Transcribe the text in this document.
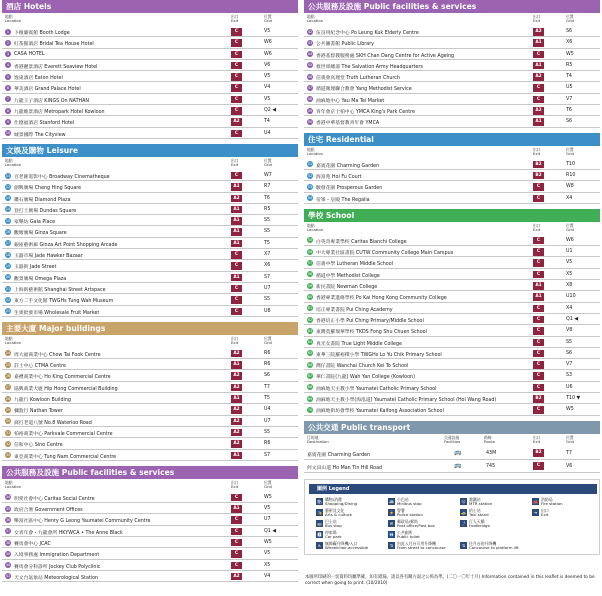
酒店 Hotels
地點
Location
出口
Exit
位置
Grid
1	卜維廉賓館 Booth Lodge	C	V5
2	紅茶館酒店 Bridal Tea House Hotel	C	W6
3	CASA HOTEL	C	W6
4	香港麗景酒店 Everett Seaview Hotel	C	V6
5	逸東酒店 Eaton Hotel	C	V5
6	華美酒店 Grand Palace Hotel	C	V4
7	九龍王子酒店 KINGS On NATHAN	C	V5
8	九龍維景酒店 Metropark Hotel Kowloon	C	Q2 ◀
9	仕德福酒店 Stanford Hotel	A2	T4
10 城景國際 The Cityview	C	U4
文娛及購物 Leisure
地點
Location
出口
Exit
位置
Grid
11 百老匯電影中心 Broadway Cinematheque	C	W7
12 創興廣場 Cheng Hing Square	A1	R7
13 鑽石廣場 Diamond Plaza	A2	T6
14 登打士廣場 Dundas Square	A1	R5
15 家樂坊 Gala Place	A1	S5
16 觀塘廣場 Ginza Square	A1	S5
17 銀座藝術廊 Ginza Art Point Shopping Arcade	A1	T5
18 玉器市場 Jade Hawker Bazaar	C	X7
19 玉器街 Jade Street	C	X6
20 觀景廣場 Omega Plaza	A1	S7
21 上海街藝術館 Shanghai Street Artspace	C	U7
22 東方二手文化館 TWGHs Tung Wah Museum	C	S5
23 生果批發市場 Wholesale Fruit Market	C	U8
主要大廈 Major buildings
地點
Location
出口
Exit
位置
Grid
24 周大福商業中心 Chow Tai Fook Centre	A2	R6
25 莊士中心 CTMA Centre	A1	R6
26 嘉禮商業中心 Ho King Commercial Centre	A2	S6
27 協興商業大廈 Hip Hong Commercial Building	A2	T7
28 九龍行 Kowloon Building	A1	T5
29 彌敦行 Nathan Tower	A2	U4
30 窩打老道八號 No.8 Waterloo Road	A2	U7
31 柏裕商業中心 Parkvale Commercial Centre	A2	S5
32 信和中心 Sino Centre	A2	R6
33 東亞商業中心 Tung Nam Commercial Centre	A1	S7
公共服務及設施 Public facilities & services
地點
Location
出口
Exit
位置
Grid
34 明愛社會中心 Caritas Social Centre	C	W5
35 政府合署 Government Offices	A1	V5
36 樂富社區中心 Henry G Leong Yaumatei Community Centre	C	U7
37 女青年會・九龍會所 HKYWCA • The Anne Black	C	Q1 ◀
38 賽馬會中心 JCAC	C	W5
39 入境事務處 Immigration Department	C	V5
40 賽馬會分科診所 Jockey Club Polyclinic	C	X5
41 天文台氣象站 Meteorological Station	A2	V4
公共服務及設施 Public facilities & services
地點
Location
出口
Exit
位置
Grid
42 伍良用紀念中心 Po Leung Kuk Elderly Centre	A2	S6
43 公共圖書館 Public Library	A1	X6
44 香港基督教服務處 SKH Chan Dang Centre for Active Ageing	C	W5
45 救世軍總部 The Salvation Army Headquarters	A1	R5
46 信義會真理堂 Truth Lutheran Church	A2	T4
47 循道衛理聯合教會 Yang Methodist Service	C	U5
48 油麻地中心 Yau Ma Tei Market	C	V7
49 青年會京士柏中心 YMCA King's Park Centre	A2	T6
50 香港中華基督教青年會 YMCA	A1	S6
住宅 Residential
地點
Location
出口
Exit
位置
Grid
51 嘉賓花園 Charming Garden	B2	T10
52 海富苑 Hoi Fu Court	B2	R10
53 駿發花園 Prosperous Garden	C	W8
54 帝峯・皇殿 The Regalia	C	X4
學校 School
地點
Location
出口
Exit
位置
Grid
55 白英奇專業學校 Caritas Bianchi College	C	W6
56 中大專業社區書院 CUTW Community College Main Campus	C	U1
57 信義中學 Lutheran Middle School	C	V5
58 循道中學 Methodist College	C	X5
59 新民書院 Newman College	A1	X8
60 香港專業進修學校 Po Kai Hong Kong Community College	A1	U10
61 培正專業書院 Pui Ching Academy	C	X4
62 香港培正小學 Pui Ching Primary/Middle School	C	Q1 ◀
63 東灣莫羅瑞華學校 TKDS Fong Shu Chuen School	C	V8
64 真光女書院 True Light Middle College	C	S5
65 東華三院羅裕積小學 TWGHs Lo Yu Chik Primary School	C	S6
66 灣仔書院 Wanchai Church Kei To School	C	V7
67 華仁書院(九龍) Wah Yan College (Kowloon)	C	S3
68 油麻地天主教小學 Yaumatei Catholic Primary School	C	U6
69 油麻地天主教小學(海泓道) Yaumatei Catholic Primary School (Hoi Wang Road)	B2	T10 ▼
70 油麻地街坊會學校 Yaumatei Kaifong Association School	C	W5
公共交通 Public transport
目的地
Destination
交通設施
Facilities
路線
Route
出口
Exit
位置
Grid
嘉賓花園 Charming Garden	🚌	43M	B2	T7
何文田山道 Ho Man Tin Hill Road	🚌	745	C	V6
圖例 Legend
🛍 購物/消費
Shopping/Dining
🚐 小巴站
Minibus stop
Ⓜ 港鐵站
MTR station
🚒 消防局
Fire station
🎭 藝術及文化
Arts & culture
👮 警署
Police station
🚕 的士站
Taxi stand
➜ 出口
Exit
🚌 巴士站
Bus stop
✉ 郵政局/郵筒
Post office/Post box
⤴ 行人天橋
Footbridge
🅿 停車場
Car park
🚻 公共廁所
Public toilet
♿ 無障礙升降機/入口
Wheelchair-accessible
⇅ 由此入月台可用升降機
From street to concourse
⇅ 往月台的升降機
Concourse to platform lift
本圖所印刷的一切資料均屬準確，如有錯漏，請以各有關方面之公佈為準。(二〇一〇年十月) Information contained in this leaflet is deemed to be correct when going to print. (10/2010)
